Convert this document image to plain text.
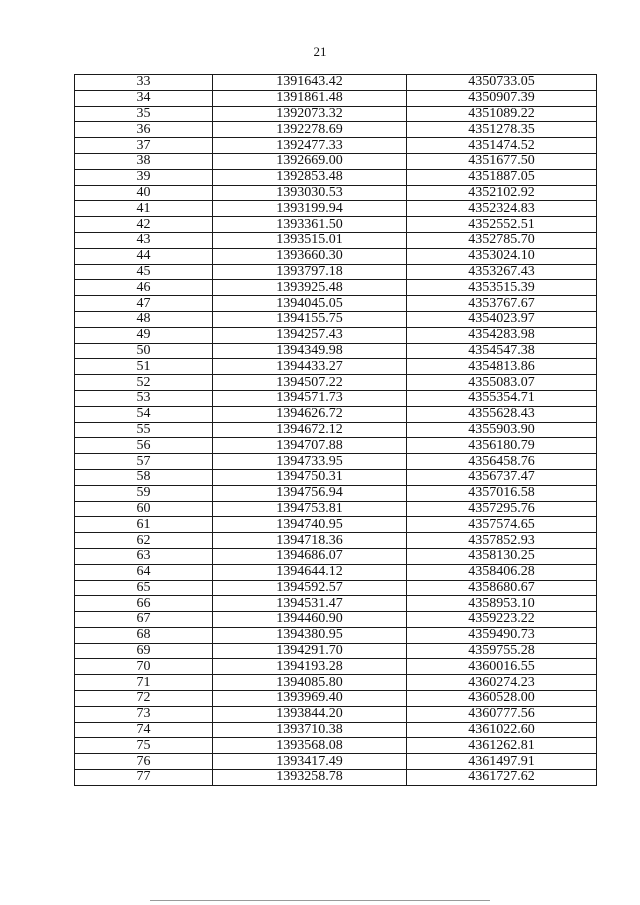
21
33	1391643.42	4350733.05
34	1391861.48	4350907.39
35	1392073.32	4351089.22
36	1392278.69	4351278.35
37	1392477.33	4351474.52
38	1392669.00	4351677.50
39	1392853.48	4351887.05
40	1393030.53	4352102.92
41	1393199.94	4352324.83
42	1393361.50	4352552.51
43	1393515.01	4352785.70
44	1393660.30	4353024.10
45	1393797.18	4353267.43
46	1393925.48	4353515.39
47	1394045.05	4353767.67
48	1394155.75	4354023.97
49	1394257.43	4354283.98
50	1394349.98	4354547.38
51	1394433.27	4354813.86
52	1394507.22	4355083.07
53	1394571.73	4355354.71
54	1394626.72	4355628.43
55	1394672.12	4355903.90
56	1394707.88	4356180.79
57	1394733.95	4356458.76
58	1394750.31	4356737.47
59	1394756.94	4357016.58
60	1394753.81	4357295.76
61	1394740.95	4357574.65
62	1394718.36	4357852.93
63	1394686.07	4358130.25
64	1394644.12	4358406.28
65	1394592.57	4358680.67
66	1394531.47	4358953.10
67	1394460.90	4359223.22
68	1394380.95	4359490.73
69	1394291.70	4359755.28
70	1394193.28	4360016.55
71	1394085.80	4360274.23
72	1393969.40	4360528.00
73	1393844.20	4360777.56
74	1393710.38	4361022.60
75	1393568.08	4361262.81
76	1393417.49	4361497.91
77	1393258.78	4361727.62
